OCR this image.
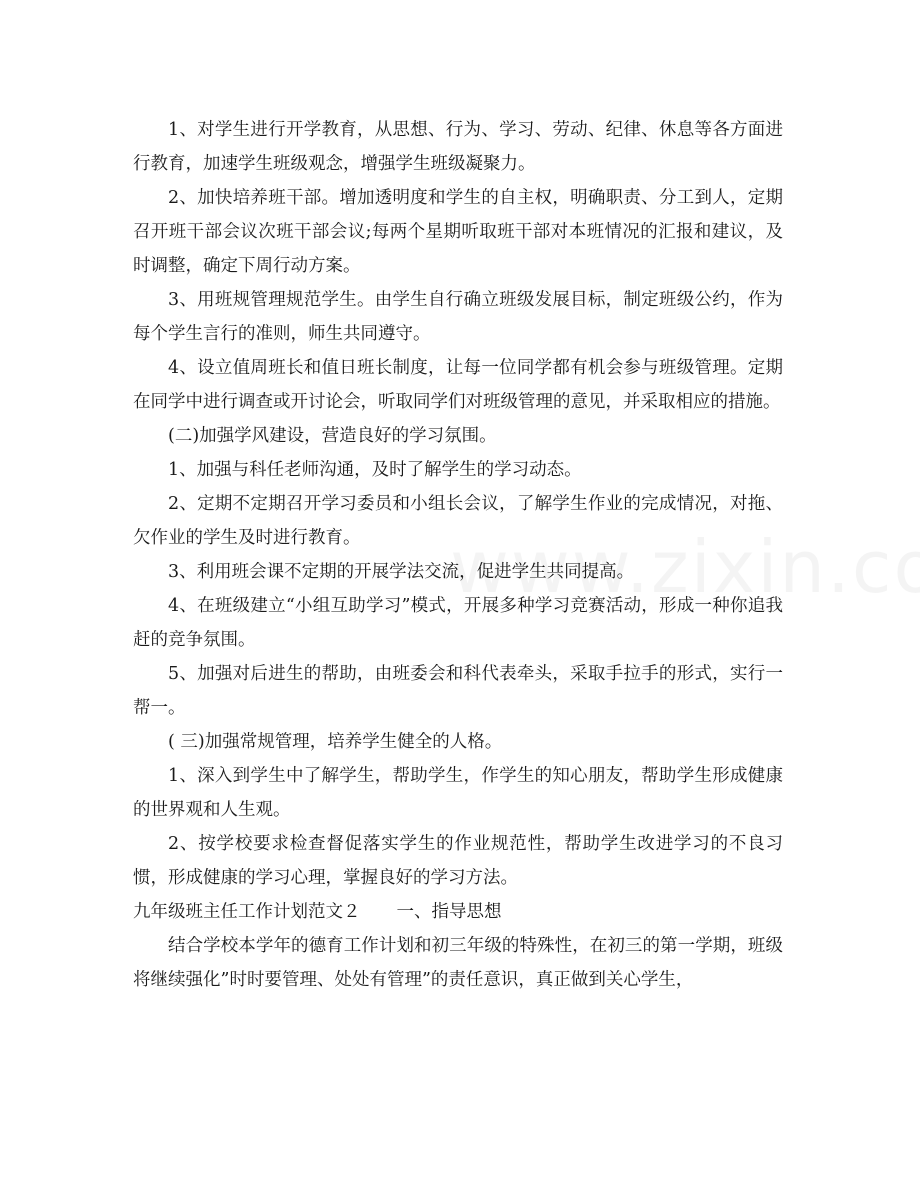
1、对学生进行开学教育，从思想、行为、学习、劳动、纪律、休息等各方面进行教育，加速学生班级观念，增强学生班级凝聚力。

2、加快培养班干部。增加透明度和学生的自主权，明确职责、分工到人，定期召开班干部会议次班干部会议;每两个星期听取班干部对本班情况的汇报和建议，及时调整，确定下周行动方案。

3、用班规管理规范学生。由学生自行确立班级发展目标，制定班级公约，作为每个学生言行的准则，师生共同遵守。

4、设立值周班长和值日班长制度，让每一位同学都有机会参与班级管理。定期在同学中进行调查或开讨论会，听取同学们对班级管理的意见，并采取相应的措施。

(二)加强学风建设，营造良好的学习氛围。

1、加强与科任老师沟通，及时了解学生的学习动态。

2、定期不定期召开学习委员和小组长会议，了解学生作业的完成情况，对拖、欠作业的学生及时进行教育。

3、利用班会课不定期的开展学法交流，促进学生共同提高。

4、在班级建立“小组互助学习”模式，开展多种学习竞赛活动，形成一种你追我赶的竞争氛围。

5、加强对后进生的帮助，由班委会和科代表牵头，采取手拉手的形式，实行一帮一。

( 三)加强常规管理，培养学生健全的人格。

1、深入到学生中了解学生，帮助学生，作学生的知心朋友，帮助学生形成健康的世界观和人生观。

2、按学校要求检查督促落实学生的作业规范性，帮助学生改进学习的不良习惯，形成健康的学习心理，掌握良好的学习方法。

九年级班主任工作计划范文２ 一、指导思想

结合学校本学年的德育工作计划和初三年级的特殊性，在初三的第一学期，班级将继续强化”时时要管理、处处有管理”的责任意识，真正做到关心学生，
